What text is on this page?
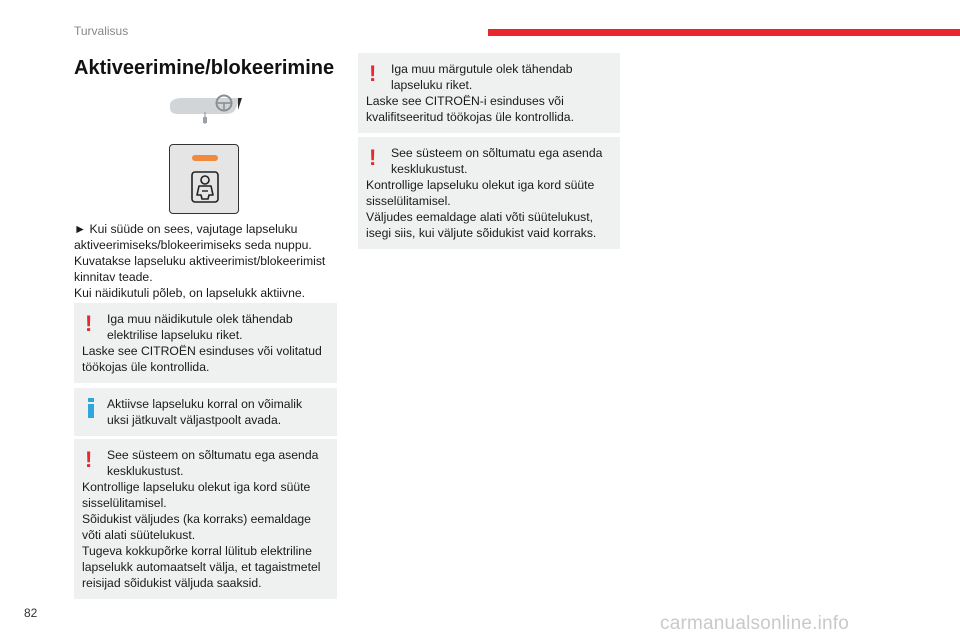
Turvalisus
Aktiveerimine/blokeerimine

► Kui süüde on sees, vajutage lapseluku aktiveerimiseks/blokeerimiseks seda nuppu.

Kuvatakse lapseluku aktiveerimist/blokeerimist kinnitav teade.

Kui näidikutuli põleb, on lapselukk aktiivne.

!	Iga muu näidikutule olek tähendab elektrilise lapseluku riket.

Laske see CITROËN esinduses või volitatud töökojas üle kontrollida.

Aktiivse lapseluku korral on võimalik uksi jätkuvalt väljastpoolt avada.

!	See süsteem on sõltumatu ega asenda kesklukustust.

Kontrollige lapseluku olekut iga kord süüte sisselülitamisel.

Sõidukist väljudes (ka korraks) eemaldage võti alati süütelukust.

Tugeva kokkupõrke korral lülitub elektriline lapselukk automaatselt välja, et tagaistmetel reisijad sõidukist väljuda saaksid.

!	Iga muu märgutule olek tähendab lapseluku riket.

Laske see CITROËN-i esinduses või kvalifitseeritud töökojas üle kontrollida.

!	See süsteem on sõltumatu ega asenda kesklukustust.

Kontrollige lapseluku olekut iga kord süüte sisselülitamisel.

Väljudes eemaldage alati võti süütelukust, isegi siis, kui väljute sõidukist vaid korraks.

82	carmanualsonline.info
